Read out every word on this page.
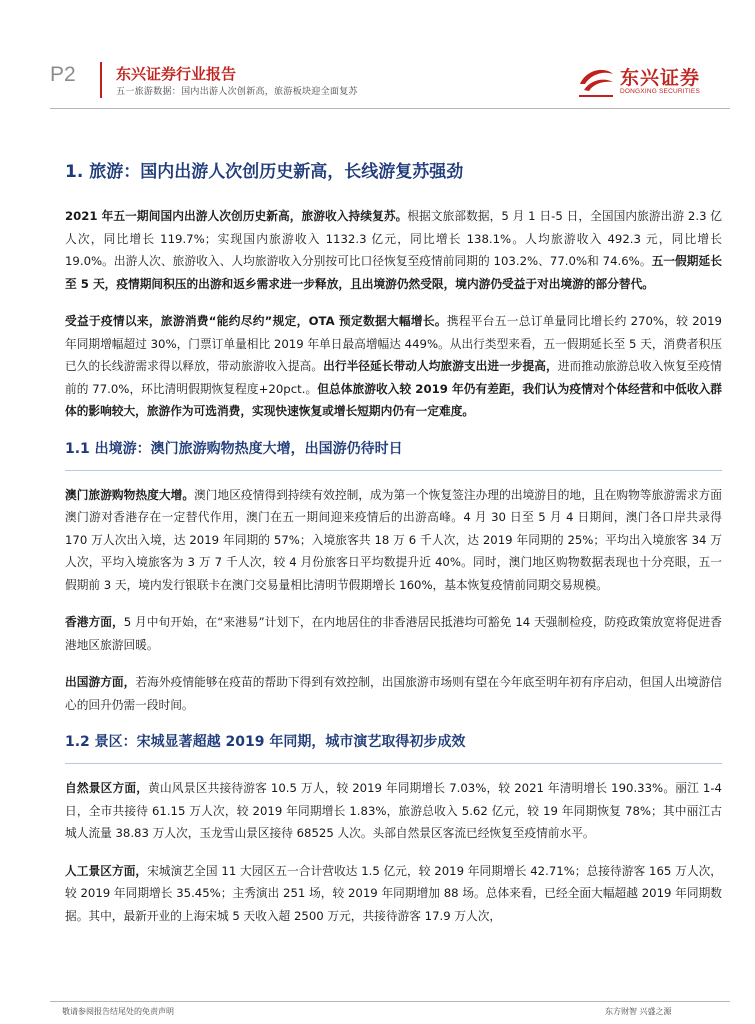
P2	东兴证券行业报告
五一旅游数据：国内出游人次创新高，旅游板块迎全面复苏
东兴证券
DONGXING SECURITIES
1. 旅游：国内出游人次创历史新高，长线游复苏强劲

2021 年五一期间国内出游人次创历史新高，旅游收入持续复苏。根据文旅部数据，5 月 1 日-5 日，全国国内旅游出游 2.3 亿人次，同比增长 119.7%；实现国内旅游收入 1132.3 亿元，同比增长 138.1%。人均旅游收入 492.3 元，同比增长 19.0%。出游人次、旅游收入、人均旅游收入分别按可比口径恢复至疫情前同期的 103.2%、77.0%和 74.6%。五一假期延长至 5 天，疫情期间积压的出游和返乡需求进一步释放，且出境游仍然受限，境内游仍受益于对出境游的部分替代。

受益于疫情以来，旅游消费“能约尽约”规定，OTA 预定数据大幅增长。携程平台五一总订单量同比增长约 270%，较 2019 年同期增幅超过 30%，门票订单量相比 2019 年单日最高增幅达 449%。从出行类型来看，五一假期延长至 5 天，消费者积压已久的长线游需求得以释放，带动旅游收入提高。出行半径延长带动人均旅游支出进一步提高，进而推动旅游总收入恢复至疫情前的 77.0%，环比清明假期恢复程度+20pct.。但总体旅游收入较 2019 年仍有差距，我们认为疫情对个体经营和中低收入群体的影响较大，旅游作为可选消费，实现快速恢复或增长短期内仍有一定难度。

1.1 出境游：澳门旅游购物热度大增，出国游仍待时日

澳门旅游购物热度大增。澳门地区疫情得到持续有效控制，成为第一个恢复签注办理的出境游目的地，且在购物等旅游需求方面澳门游对香港存在一定替代作用，澳门在五一期间迎来疫情后的出游高峰。4 月 30 日至 5 月 4 日期间，澳门各口岸共录得 170 万人次出入境，达 2019 年同期的 57%；入境旅客共 18 万 6 千人次，达 2019 年同期的 25%；平均出入境旅客 34 万人次，平均入境旅客为 3 万 7 千人次，较 4 月份旅客日平均数提升近 40%。同时，澳门地区购物数据表现也十分亮眼，五一假期前 3 天，境内发行银联卡在澳门交易量相比清明节假期增长 160%，基本恢复疫情前同期交易规模。

香港方面，5 月中旬开始，在“来港易”计划下，在内地居住的非香港居民抵港均可豁免 14 天强制检疫，防疫政策放宽将促进香港地区旅游回暖。

出国游方面，若海外疫情能够在疫苗的帮助下得到有效控制，出国旅游市场则有望在今年底至明年初有序启动，但国人出境游信心的回升仍需一段时间。

1.2 景区：宋城显著超越 2019 年同期，城市演艺取得初步成效

自然景区方面，黄山风景区共接待游客 10.5 万人，较 2019 年同期增长 7.03%，较 2021 年清明增长 190.33%。丽江 1-4 日，全市共接待 61.15 万人次，较 2019 年同期增长 1.83%，旅游总收入 5.62 亿元，较 19 年同期恢复 78%；其中丽江古城人流量 38.83 万人次，玉龙雪山景区接待 68525 人次。头部自然景区客流已经恢复至疫情前水平。

人工景区方面，宋城演艺全国 11 大园区五一合计营收达 1.5 亿元，较 2019 年同期增长 42.71%；总接待游客 165 万人次，较 2019 年同期增长 35.45%；主秀演出 251 场，较 2019 年同期增加 88 场。总体来看，已经全面大幅超越 2019 年同期数据。其中，最新开业的上海宋城 5 天收入超 2500 万元，共接待游客 17.9 万人次，

敬请参阅报告结尾处的免责声明	东方财智 兴盛之源
